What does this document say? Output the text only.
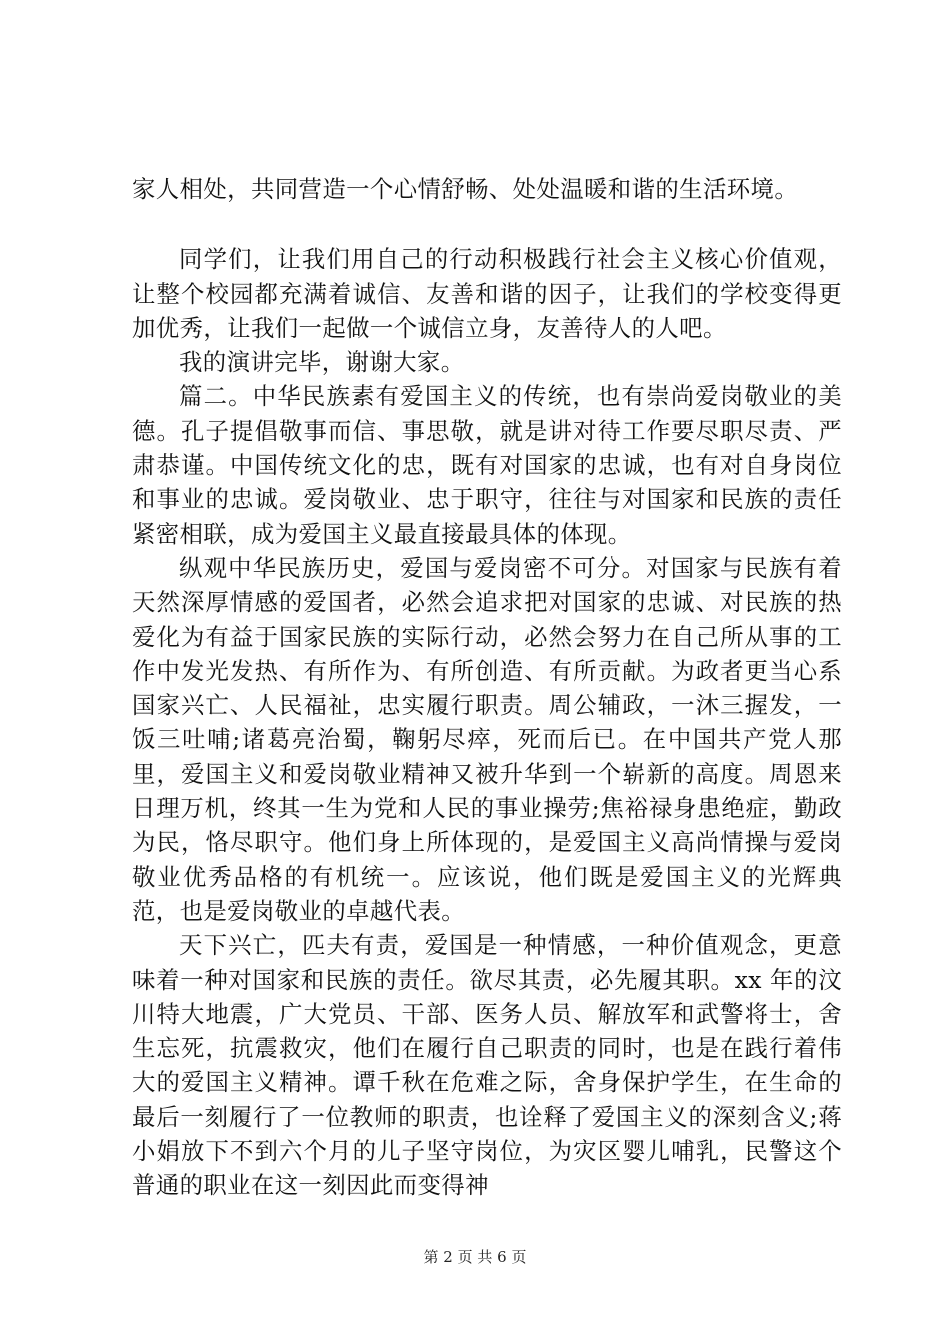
家人相处，共同营造一个心情舒畅、处处温暖和谐的生活环境。

同学们，让我们用自己的行动积极践行社会主义核心价值观，让整个校园都充满着诚信、友善和谐的因子，让我们的学校变得更加优秀，让我们一起做一个诚信立身，友善待人的人吧。

我的演讲完毕，谢谢大家。

篇二。中华民族素有爱国主义的传统，也有崇尚爱岗敬业的美德。孔子提倡敬事而信、事思敬，就是讲对待工作要尽职尽责、严肃恭谨。中国传统文化的忠，既有对国家的忠诚，也有对自身岗位和事业的忠诚。爱岗敬业、忠于职守，往往与对国家和民族的责任紧密相联，成为爱国主义最直接最具体的体现。

纵观中华民族历史，爱国与爱岗密不可分。对国家与民族有着天然深厚情感的爱国者，必然会追求把对国家的忠诚、对民族的热爱化为有益于国家民族的实际行动，必然会努力在自己所从事的工作中发光发热、有所作为、有所创造、有所贡献。为政者更当心系国家兴亡、人民福祉，忠实履行职责。周公辅政，一沐三握发，一饭三吐哺;诸葛亮治蜀，鞠躬尽瘁，死而后已。在中国共产党人那里，爱国主义和爱岗敬业精神又被升华到一个崭新的高度。周恩来日理万机，终其一生为党和人民的事业操劳;焦裕禄身患绝症，勤政为民，恪尽职守。他们身上所体现的，是爱国主义高尚情操与爱岗敬业优秀品格的有机统一。应该说，他们既是爱国主义的光辉典范，也是爱岗敬业的卓越代表。

天下兴亡，匹夫有责，爱国是一种情感，一种价值观念，更意味着一种对国家和民族的责任。欲尽其责，必先履其职。xx 年的汶川特大地震，广大党员、干部、医务人员、解放军和武警将士，舍生忘死，抗震救灾，他们在履行自己职责的同时，也是在践行着伟大的爱国主义精神。谭千秋在危难之际，舍身保护学生，在生命的最后一刻履行了一位教师的职责，也诠释了爱国主义的深刻含义;蒋小娟放下不到六个月的儿子坚守岗位，为灾区婴儿哺乳，民警这个普通的职业在这一刻因此而变得神

第 2 页 共 6 页
